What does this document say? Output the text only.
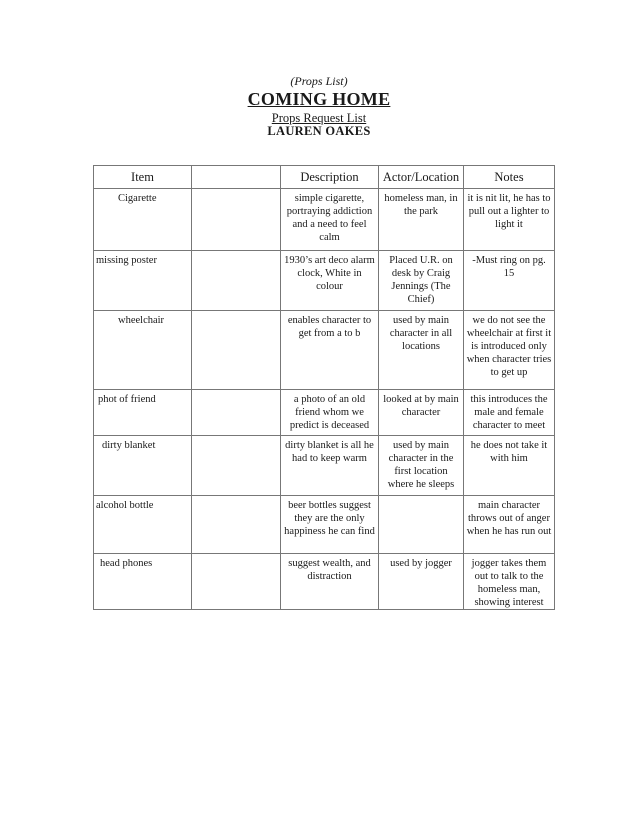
(Props List)
COMING HOME
Props Request List
LAUREN OAKES
Item		Description	Actor/Location	Notes
Cigarette		simple cigarette, portraying addiction and a need to feel calm	homeless man, in the park	it is nit lit, he has to pull out a lighter to light it
missing poster		1930’s art deco alarm clock, White in colour	Placed U.R. on desk by Craig Jennings (The Chief)	-Must ring on pg. 15
wheelchair		enables character to get from a to b	used by main character in all locations	we do not see the wheelchair at first it is introduced only when character tries to get up
phot of friend		a photo of an old friend whom we predict is deceased	looked at by main character	this introduces the male and female character to meet
dirty blanket		dirty blanket is all he had to keep warm	used by main character in the first location where he sleeps	he does not take it with him
alcohol bottle		beer bottles suggest they are the only happiness he can find		main character throws out of anger when he has run out
head phones		suggest wealth, and distraction	used by jogger	jogger takes them out to talk to the homeless man, showing interest
